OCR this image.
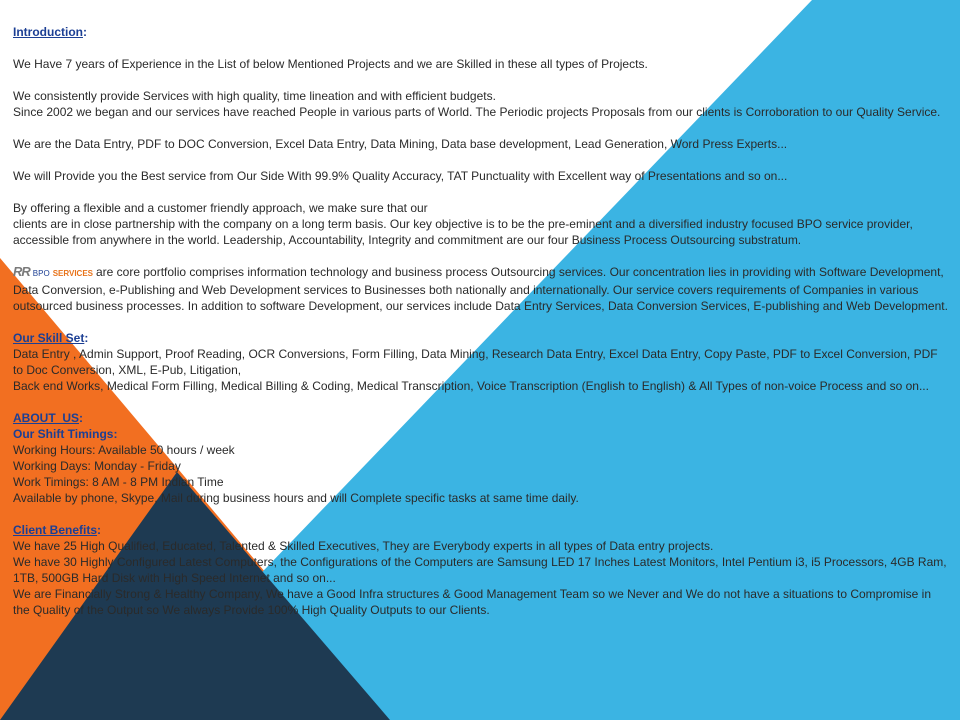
Introduction:

We Have 7 years of Experience in the List of below Mentioned Projects and we are Skilled in these all types of Projects.

We consistently provide Services with high quality, time lineation and with efficient budgets.

Since 2002 we began and our services have reached People in various parts of World. The Periodic projects Proposals from our clients is Corroboration to our Quality Service.

We are the Data Entry, PDF to DOC Conversion, Excel Data Entry, Data Mining, Data base development, Lead Generation, Word Press Experts...

We will Provide you the Best service from Our Side With 99.9% Quality Accuracy, TAT Punctuality with Excellent way of Presentations and so on...

By offering a flexible and a customer friendly approach, we make sure that our

clients are in close partnership with the company on a long term basis. Our key objective is to be the pre-eminent and a diversified industry focused BPO service provider, accessible from anywhere in the world. Leadership, Accountability, Integrity and commitment are our four Business Process Outsourcing substratum.

RR BPO SERVICES are core portfolio comprises information technology and business process Outsourcing services. Our concentration lies in providing with Software Development, Data Conversion, e-Publishing and Web Development services to Businesses both nationally and internationally. Our service covers requirements of Companies in various outsourced business processes. In addition to software Development, our services include Data Entry Services, Data Conversion Services, E-publishing and Web Development.

Our Skill Set:

Data Entry , Admin Support, Proof Reading, OCR Conversions, Form Filling, Data Mining, Research Data Entry, Excel Data Entry, Copy Paste, PDF to Excel Conversion, PDF to Doc Conversion, XML, E-Pub, Litigation,

Back end Works, Medical Form Filling, Medical Billing & Coding, Medical Transcription, Voice Transcription (English to English) & All Types of non-voice Process and so on...

ABOUT_US:

Our Shift Timings:

Working Hours: Available 50 hours / week

Working Days: Monday - Friday

Work Timings: 8 AM - 8 PM Indian Time

Available by phone, Skype, Mail during business hours and will Complete specific tasks at same time daily.

Client Benefits:

We have 25 High Qualified, Educated, Talented & Skilled Executives, They are Everybody experts in all types of Data entry projects.

We have 30 Highly Configured Latest Computers, the Configurations of the Computers are Samsung LED 17 Inches Latest Monitors, Intel Pentium i3, i5 Processors, 4GB Ram, 1TB, 500GB Hard Disk with High Speed Internet and so on...

We are Financially Strong & Healthy Company, We have a Good Infra structures & Good Management Team so we Never and We do not have a situations to Compromise in the Quality of the Output so We always Provide 100% High Quality Outputs to our Clients.
